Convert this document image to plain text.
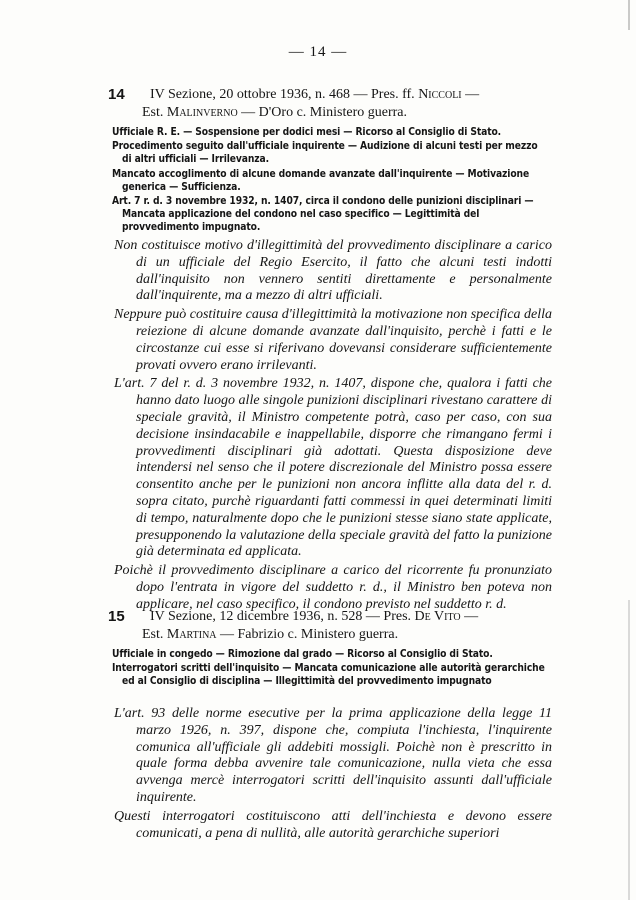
— 14 —
14	IV Sezione, 20 ottobre 1936, n. 468 — Pres. ff. Niccoli —
Est. Malinverno — D'Oro c. Ministero guerra.

Ufficiale R. E. — Sospensione per dodici mesi — Ricorso al Consiglio di Stato.

Procedimento seguito dall'ufficiale inquirente — Audizione di alcuni testi per mezzo di altri ufficiali — Irrilevanza.

Mancato accoglimento di alcune domande avanzate dall'inquirente — Motivazione generica — Sufficienza.

Art. 7 r. d. 3 novembre 1932, n. 1407, circa il condono delle punizioni disciplinari — Mancata applicazione del condono nel caso specifico — Legittimità del provvedimento impugnato.

Non costituisce motivo d'illegittimità del provvedimento disciplinare a carico di un ufficiale del Regio Esercito, il fatto che alcuni testi indotti dall'inquisito non vennero sentiti direttamente e personalmente dall'inquirente, ma a mezzo di altri ufficiali.

Neppure può costituire causa d'illegittimità la motivazione non specifica della reiezione di alcune domande avanzate dall'inquisito, perchè i fatti e le circostanze cui esse si riferivano dovevansi considerare sufficientemente provati ovvero erano irrilevanti.

L'art. 7 del r. d. 3 novembre 1932, n. 1407, dispone che, qualora i fatti che hanno dato luogo alle singole punizioni disciplinari rivestano carattere di speciale gravità, il Ministro competente potrà, caso per caso, con sua decisione insindacabile e inappellabile, disporre che rimangano fermi i provvedimenti disciplinari già adottati. Questa disposizione deve intendersi nel senso che il potere discrezionale del Ministro possa essere consentito anche per le punizioni non ancora inflitte alla data del r. d. sopra citato, purchè riguardanti fatti commessi in quei determinati limiti di tempo, naturalmente dopo che le punizioni stesse siano state applicate, presupponendo la valutazione della speciale gravità del fatto la punizione già determinata ed applicata.

Poichè il provvedimento disciplinare a carico del ricorrente fu pronunziato dopo l'entrata in vigore del suddetto r. d., il Ministro ben poteva non applicare, nel caso specifico, il condono previsto nel suddetto r. d.

15	IV Sezione, 12 dicembre 1936, n. 528 — Pres. De Vito —
Est. Martina — Fabrizio c. Ministero guerra.

Ufficiale in congedo — Rimozione dal grado — Ricorso al Consiglio di Stato.

Interrogatori scritti dell'inquisito — Mancata comunicazione alle autorità gerarchiche ed al Consiglio di disciplina — Illegittimità del provvedimento impugnato

L'art. 93 delle norme esecutive per la prima applicazione della legge 11 marzo 1926, n. 397, dispone che, compiuta l'inchiesta, l'inquirente comunica all'ufficiale gli addebiti mossigli. Poichè non è prescritto in quale forma debba avvenire tale comunicazione, nulla vieta che essa avvenga mercè interrogatori scritti dell'inquisito assunti dall'ufficiale inquirente.

Questi interrogatori costituiscono atti dell'inchiesta e devono essere comunicati, a pena di nullità, alle autorità gerarchiche superiori
